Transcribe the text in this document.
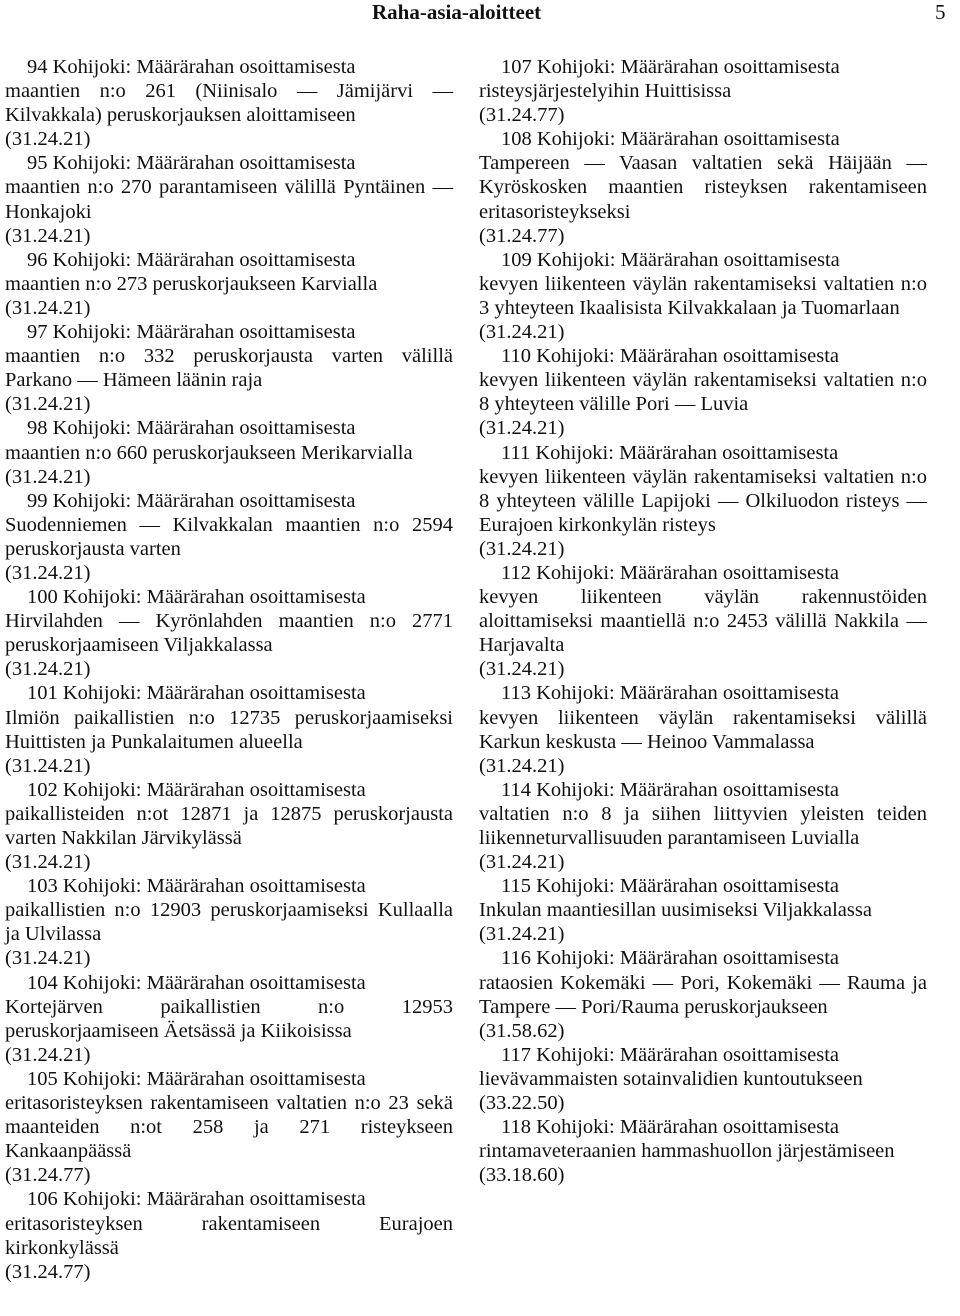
Raha-asia-aloitteet	5
94 Kohijoki: Määrärahan osoittamisesta
maantien n:o 261 (Niinisalo — Jämijärvi — Kilvakkala) peruskorjauksen aloittamiseen
(31.24.21)
95 Kohijoki: Määrärahan osoittamisesta
maantien n:o 270 parantamiseen välillä Pyntäinen — Honkajoki
(31.24.21)
96 Kohijoki: Määrärahan osoittamisesta
maantien n:o 273 peruskorjaukseen Karvialla
(31.24.21)
97 Kohijoki: Määrärahan osoittamisesta
maantien n:o 332 peruskorjausta varten välillä Parkano — Hämeen läänin raja
(31.24.21)
98 Kohijoki: Määrärahan osoittamisesta
maantien n:o 660 peruskorjaukseen Merikarvialla
(31.24.21)
99 Kohijoki: Määrärahan osoittamisesta
Suodenniemen — Kilvakkalan maantien n:o 2594 peruskorjausta varten
(31.24.21)
100 Kohijoki: Määrärahan osoittamisesta
Hirvilahden — Kyrönlahden maantien n:o 2771 peruskorjaamiseen Viljakkalassa
(31.24.21)
101 Kohijoki: Määrärahan osoittamisesta
Ilmiön paikallistien n:o 12735 peruskorjaamiseksi Huittisten ja Punkalaitumen alueella
(31.24.21)
102 Kohijoki: Määrärahan osoittamisesta
paikallisteiden n:ot 12871 ja 12875 peruskorjausta varten Nakkilan Järvikylässä
(31.24.21)
103 Kohijoki: Määrärahan osoittamisesta
paikallistien n:o 12903 peruskorjaamiseksi Kullaalla ja Ulvilassa
(31.24.21)
104 Kohijoki: Määrärahan osoittamisesta
Kortejärven paikallistien n:o 12953 peruskorjaamiseen Äetsässä ja Kiikoisissa
(31.24.21)
105 Kohijoki: Määrärahan osoittamisesta
eritasoristeyksen rakentamiseen valtatien n:o 23 sekä maanteiden n:ot 258 ja 271 risteykseen Kankaanpäässä
(31.24.77)
106 Kohijoki: Määrärahan osoittamisesta
eritasoristeyksen rakentamiseen Eurajoen kirkonkylässä
(31.24.77)
107 Kohijoki: Määrärahan osoittamisesta
risteysjärjestelyihin Huittisissa
(31.24.77)
108 Kohijoki: Määrärahan osoittamisesta
Tampereen — Vaasan valtatien sekä Häijään — Kyröskosken maantien risteyksen rakentamiseen eritasoristeykseksi
(31.24.77)
109 Kohijoki: Määrärahan osoittamisesta
kevyen liikenteen väylän rakentamiseksi valtatien n:o 3 yhteyteen Ikaalisista Kilvakkalaan ja Tuomarlaan
(31.24.21)
110 Kohijoki: Määrärahan osoittamisesta
kevyen liikenteen väylän rakentamiseksi valtatien n:o 8 yhteyteen välille Pori — Luvia
(31.24.21)
111 Kohijoki: Määrärahan osoittamisesta
kevyen liikenteen väylän rakentamiseksi valtatien n:o 8 yhteyteen välille Lapijoki — Olkiluodon risteys — Eurajoen kirkonkylän risteys
(31.24.21)
112 Kohijoki: Määrärahan osoittamisesta
kevyen liikenteen väylän rakennustöiden aloittamiseksi maantiellä n:o 2453 välillä Nakkila — Harjavalta
(31.24.21)
113 Kohijoki: Määrärahan osoittamisesta
kevyen liikenteen väylän rakentamiseksi välillä Karkun keskusta — Heinoo Vammalassa
(31.24.21)
114 Kohijoki: Määrärahan osoittamisesta
valtatien n:o 8 ja siihen liittyvien yleisten teiden liikenneturvallisuuden parantamiseen Luvialla
(31.24.21)
115 Kohijoki: Määrärahan osoittamisesta
Inkulan maantiesillan uusimiseksi Viljakkalassa
(31.24.21)
116 Kohijoki: Määrärahan osoittamisesta
rataosien Kokemäki — Pori, Kokemäki — Rauma ja Tampere — Pori/Rauma peruskorjaukseen
(31.58.62)
117 Kohijoki: Määrärahan osoittamisesta
lievävammaisten sotainvalidien kuntoutukseen
(33.22.50)
118 Kohijoki: Määrärahan osoittamisesta
rintamaveteraanien hammashuollon järjestämiseen
(33.18.60)
